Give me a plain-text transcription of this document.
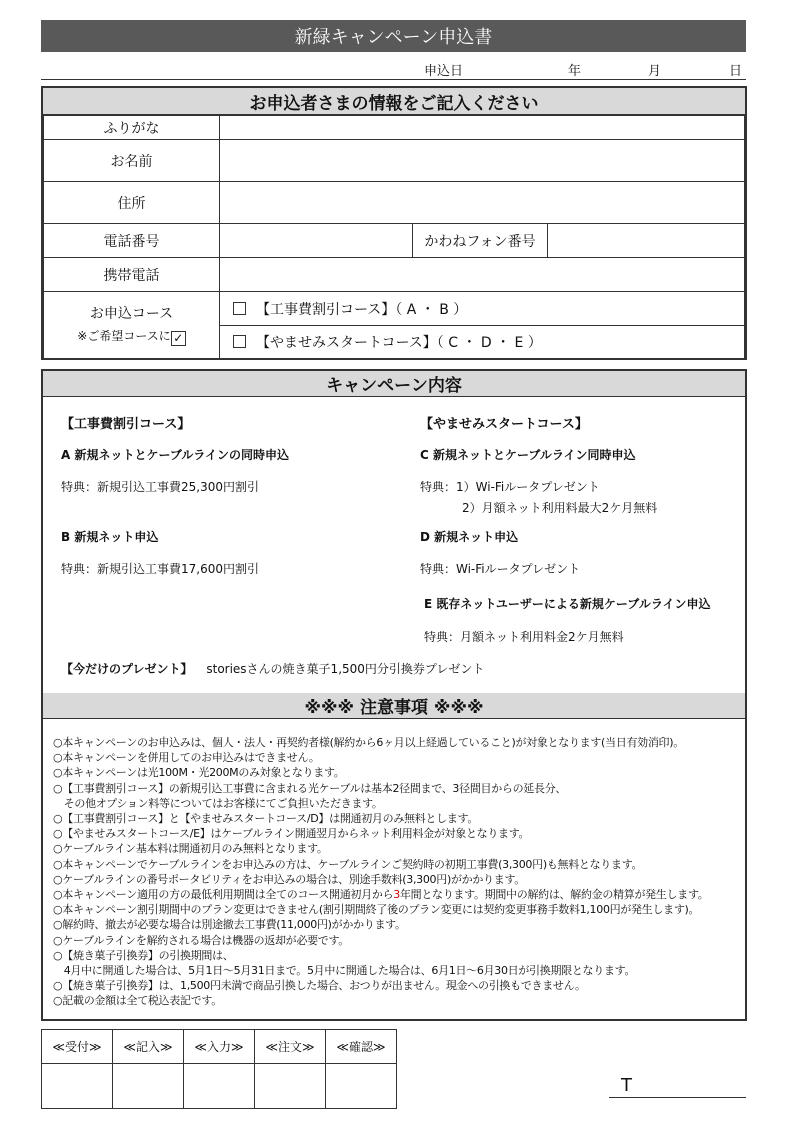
新緑キャンペーン申込書
申込日	年	月	日
お申込者さまの情報をご記入ください
ふりがな			
お名前			
住所			
電話番号		かわねフォン番号	
携帯電話			

お申込コース
※ご希望コースに ✓	【工事費割引コース】（ A ・ B ）		
	【やませみスタートコース】（ C ・ D ・ E ）		
キャンペーン内容
【工事費割引コース】
A 新規ネットとケーブルラインの同時申込
特典：新規引込工事費25,300円割引
B 新規ネット申込
特典：新規引込工事費17,600円割引
【やませみスタートコース】
C 新規ネットとケーブルライン同時申込
特典：1）Wi-Fiルータプレゼント
2）月額ネット利用料最大2ケ月無料
D 新規ネット申込
特典：Wi-Fiルータプレゼント
E 既存ネットユーザーによる新規ケーブルライン申込
特典：月額ネット利用料金2ケ月無料
【今だけのプレゼント】 storiesさんの焼き菓子1,500円分引換券プレゼント
※※※ 注意事項 ※※※
○本キャンペーンのお申込みは、個人・法人・再契約者様(解約から6ヶ月以上経過していること)が対象となります(当日有効消印)。
○本キャンペーンを併用してのお申込みはできません。
○本キャンペーンは光100M・光200Mのみ対象となります。
○【工事費割引コース】の新規引込工事費に含まれる光ケーブルは基本2径間まで、3径間目からの延長分、
　その他オプション料等についてはお客様にてご負担いただきます。
○【工事費割引コース】と【やませみスタートコース/D】は開通初月のみ無料とします。
○【やませみスタートコース/E】はケーブルライン開通翌月からネット利用料金が対象となります。
○ケーブルライン基本料は開通初月のみ無料となります。
○本キャンペーンでケーブルラインをお申込みの方は、ケーブルラインご契約時の初期工事費(3,300円)も無料となります。
○ケーブルラインの番号ポータビリティをお申込みの場合は、別途手数料(3,300円)がかかります。
○本キャンペーン適用の方の最低利用期間は全てのコース開通初月から3年間となります。期間中の解約は、解約金の精算が発生します。
○本キャンペーン割引期間中のプラン変更はできません(割引期間終了後のプラン変更には契約変更事務手数料1,100円が発生します)。
○解約時、撤去が必要な場合は別途撤去工事費(11,000円)がかかります。
○ケーブルラインを解約される場合は機器の返却が必要です。
○【焼き菓子引換券】の引換期間は、
　4月中に開通した場合は、5月1日～5月31日まで。5月中に開通した場合は、6月1日～6月30日が引換期限となります。
○【焼き菓子引換券】は、1,500円未満で商品引換した場合、おつりが出ません。現金への引換もできません。
○記載の金額は全て税込表記です。
≪受付≫	≪記入≫	≪入力≫	≪注文≫	≪確認≫

T
